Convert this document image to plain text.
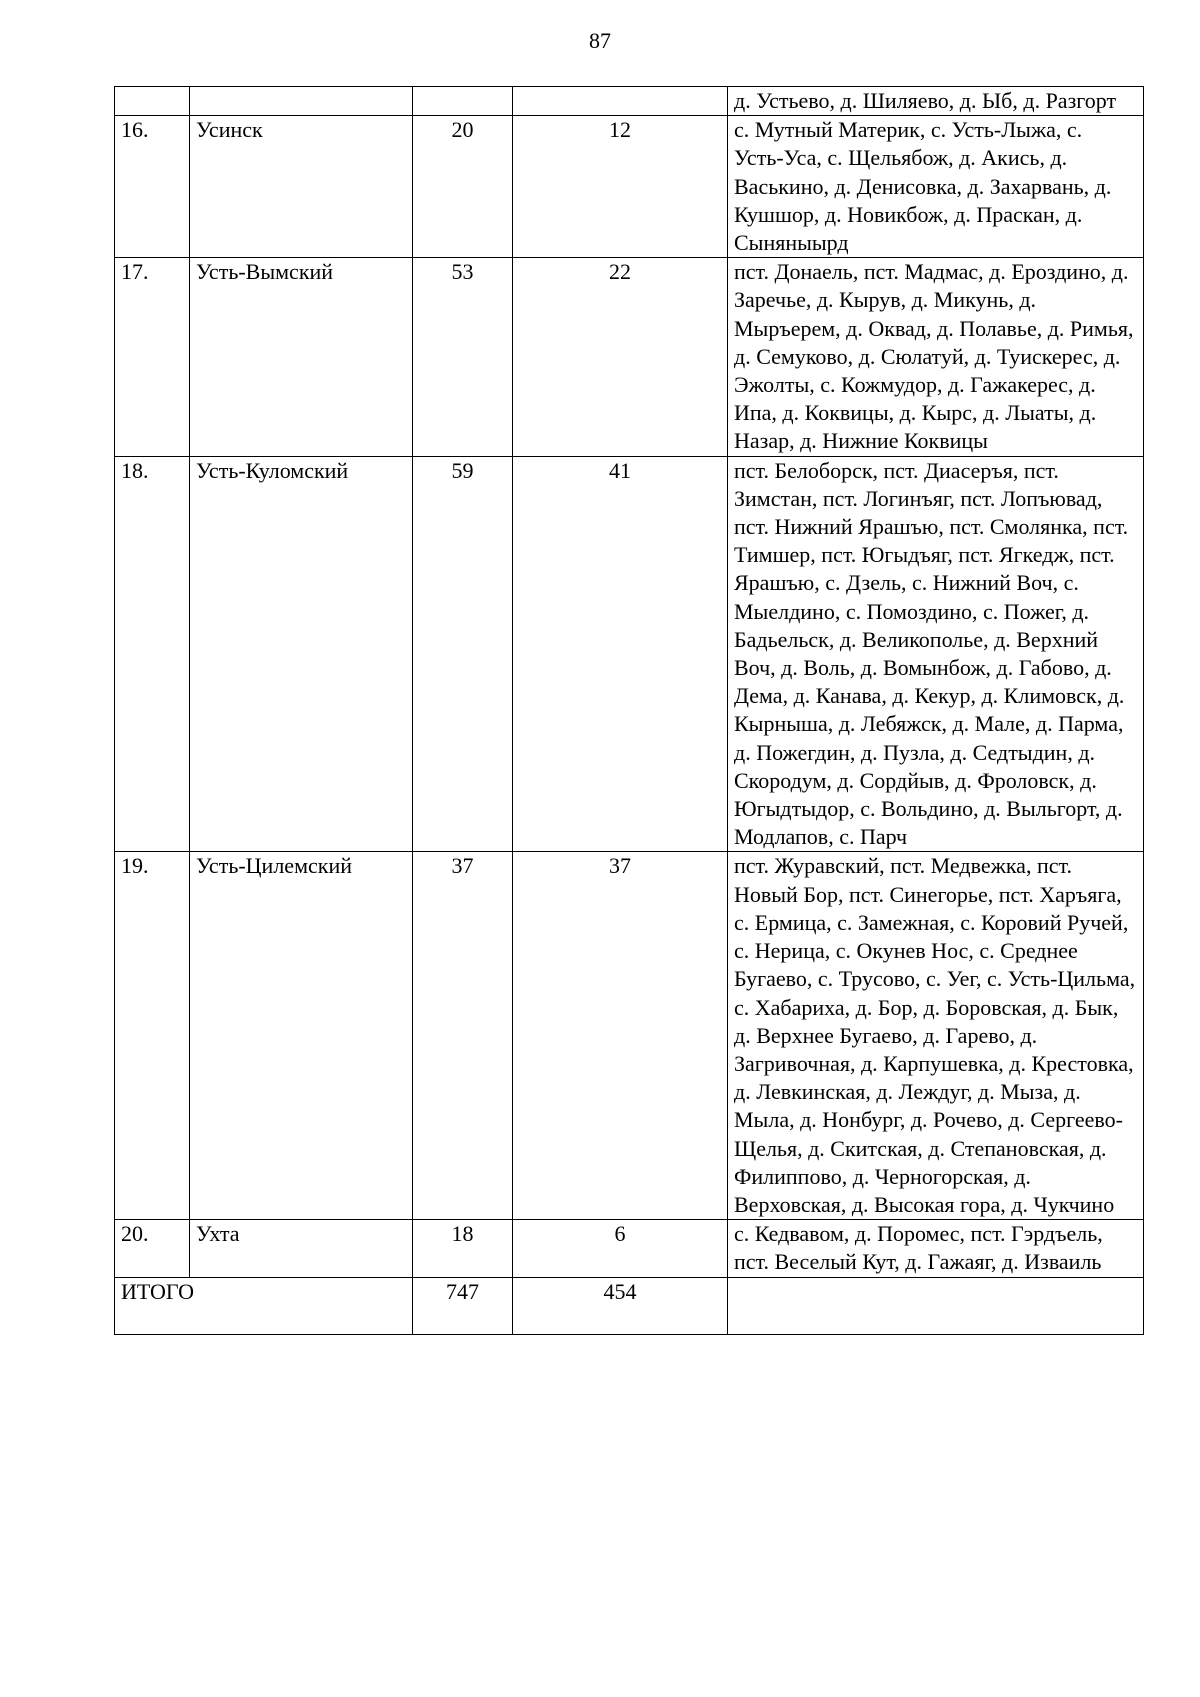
87
				д. Устьево, д. Шиляево, д. Ыб, д. Разгорт
16.	Усинск	20	12	с. Мутный Материк, с. Усть-Лыжа, с. Усть-Уса, с. Щельябож, д. Акись, д. Васькино, д. Денисовка, д. Захарвань, д. Кушшор, д. Новикбож, д. Праскан, д. Сыняныырд
17.	Усть-Вымский	53	22	пст. Донаель, пст. Мадмас, д. Ероздино, д. Заречье, д. Кырув, д. Микунь, д. Мыръерем, д. Оквад, д. Полавье, д. Римья, д. Семуково, д. Сюлатуй, д. Туискерес, д. Эжолты, с. Кожмудор, д. Гажакерес, д. Ипа, д. Коквицы, д. Кырс, д. Лыаты, д. Назар, д. Нижние Коквицы
18.	Усть-Куломский	59	41	пст. Белоборск, пст. Диасеръя, пст. Зимстан, пст. Логинъяг, пст. Лопъювад, пст. Нижний Ярашъю, пст. Смолянка, пст. Тимшер, пст. Югыдъяг, пст. Ягкедж, пст. Ярашъю, с. Дзель, с. Нижний Воч, с. Мыелдино, с. Помоздино, с. Пожег, д. Бадьельск, д. Великополье, д. Верхний Воч, д. Воль, д. Вомынбож, д. Габово, д. Дема, д. Канава, д. Кекур, д. Климовск, д. Кырныша, д. Лебяжск, д. Мале, д. Парма, д. Пожегдин, д. Пузла, д. Седтыдин, д. Скородум, д. Сордйыв, д. Фроловск, д. Югыдтыдор, с. Вольдино, д. Выльгорт, д. Модлапов, с. Парч
19.	Усть-Цилемский	37	37	пст. Журавский, пст. Медвежка, пст. Новый Бор, пст. Синегорье, пст. Харъяга, с. Ермица, с. Замежная, с. Коровий Ручей, с. Нерица, с. Окунев Нос, с. Среднее Бугаево, с. Трусово, с. Уег, с. Усть-Цильма, с. Хабариха, д. Бор, д. Боровская, д. Бык, д. Верхнее Бугаево, д. Гарево, д. Загривочная, д. Карпушевка, д. Крестовка, д. Левкинская, д. Леждуг, д. Мыза, д. Мыла, д. Нонбург, д. Рочево, д. Сергеево-Щелья, д. Скитская, д. Степановская, д. Филиппово, д. Черногорская, д. Верховская, д. Высокая гора, д. Чукчино
20.	Ухта	18	6	с. Кедвавом, д. Поромес, пст. Гэрдъель, пст. Веселый Кут, д. Гажаяг, д. Изваиль
ИТОГО		747	454	
